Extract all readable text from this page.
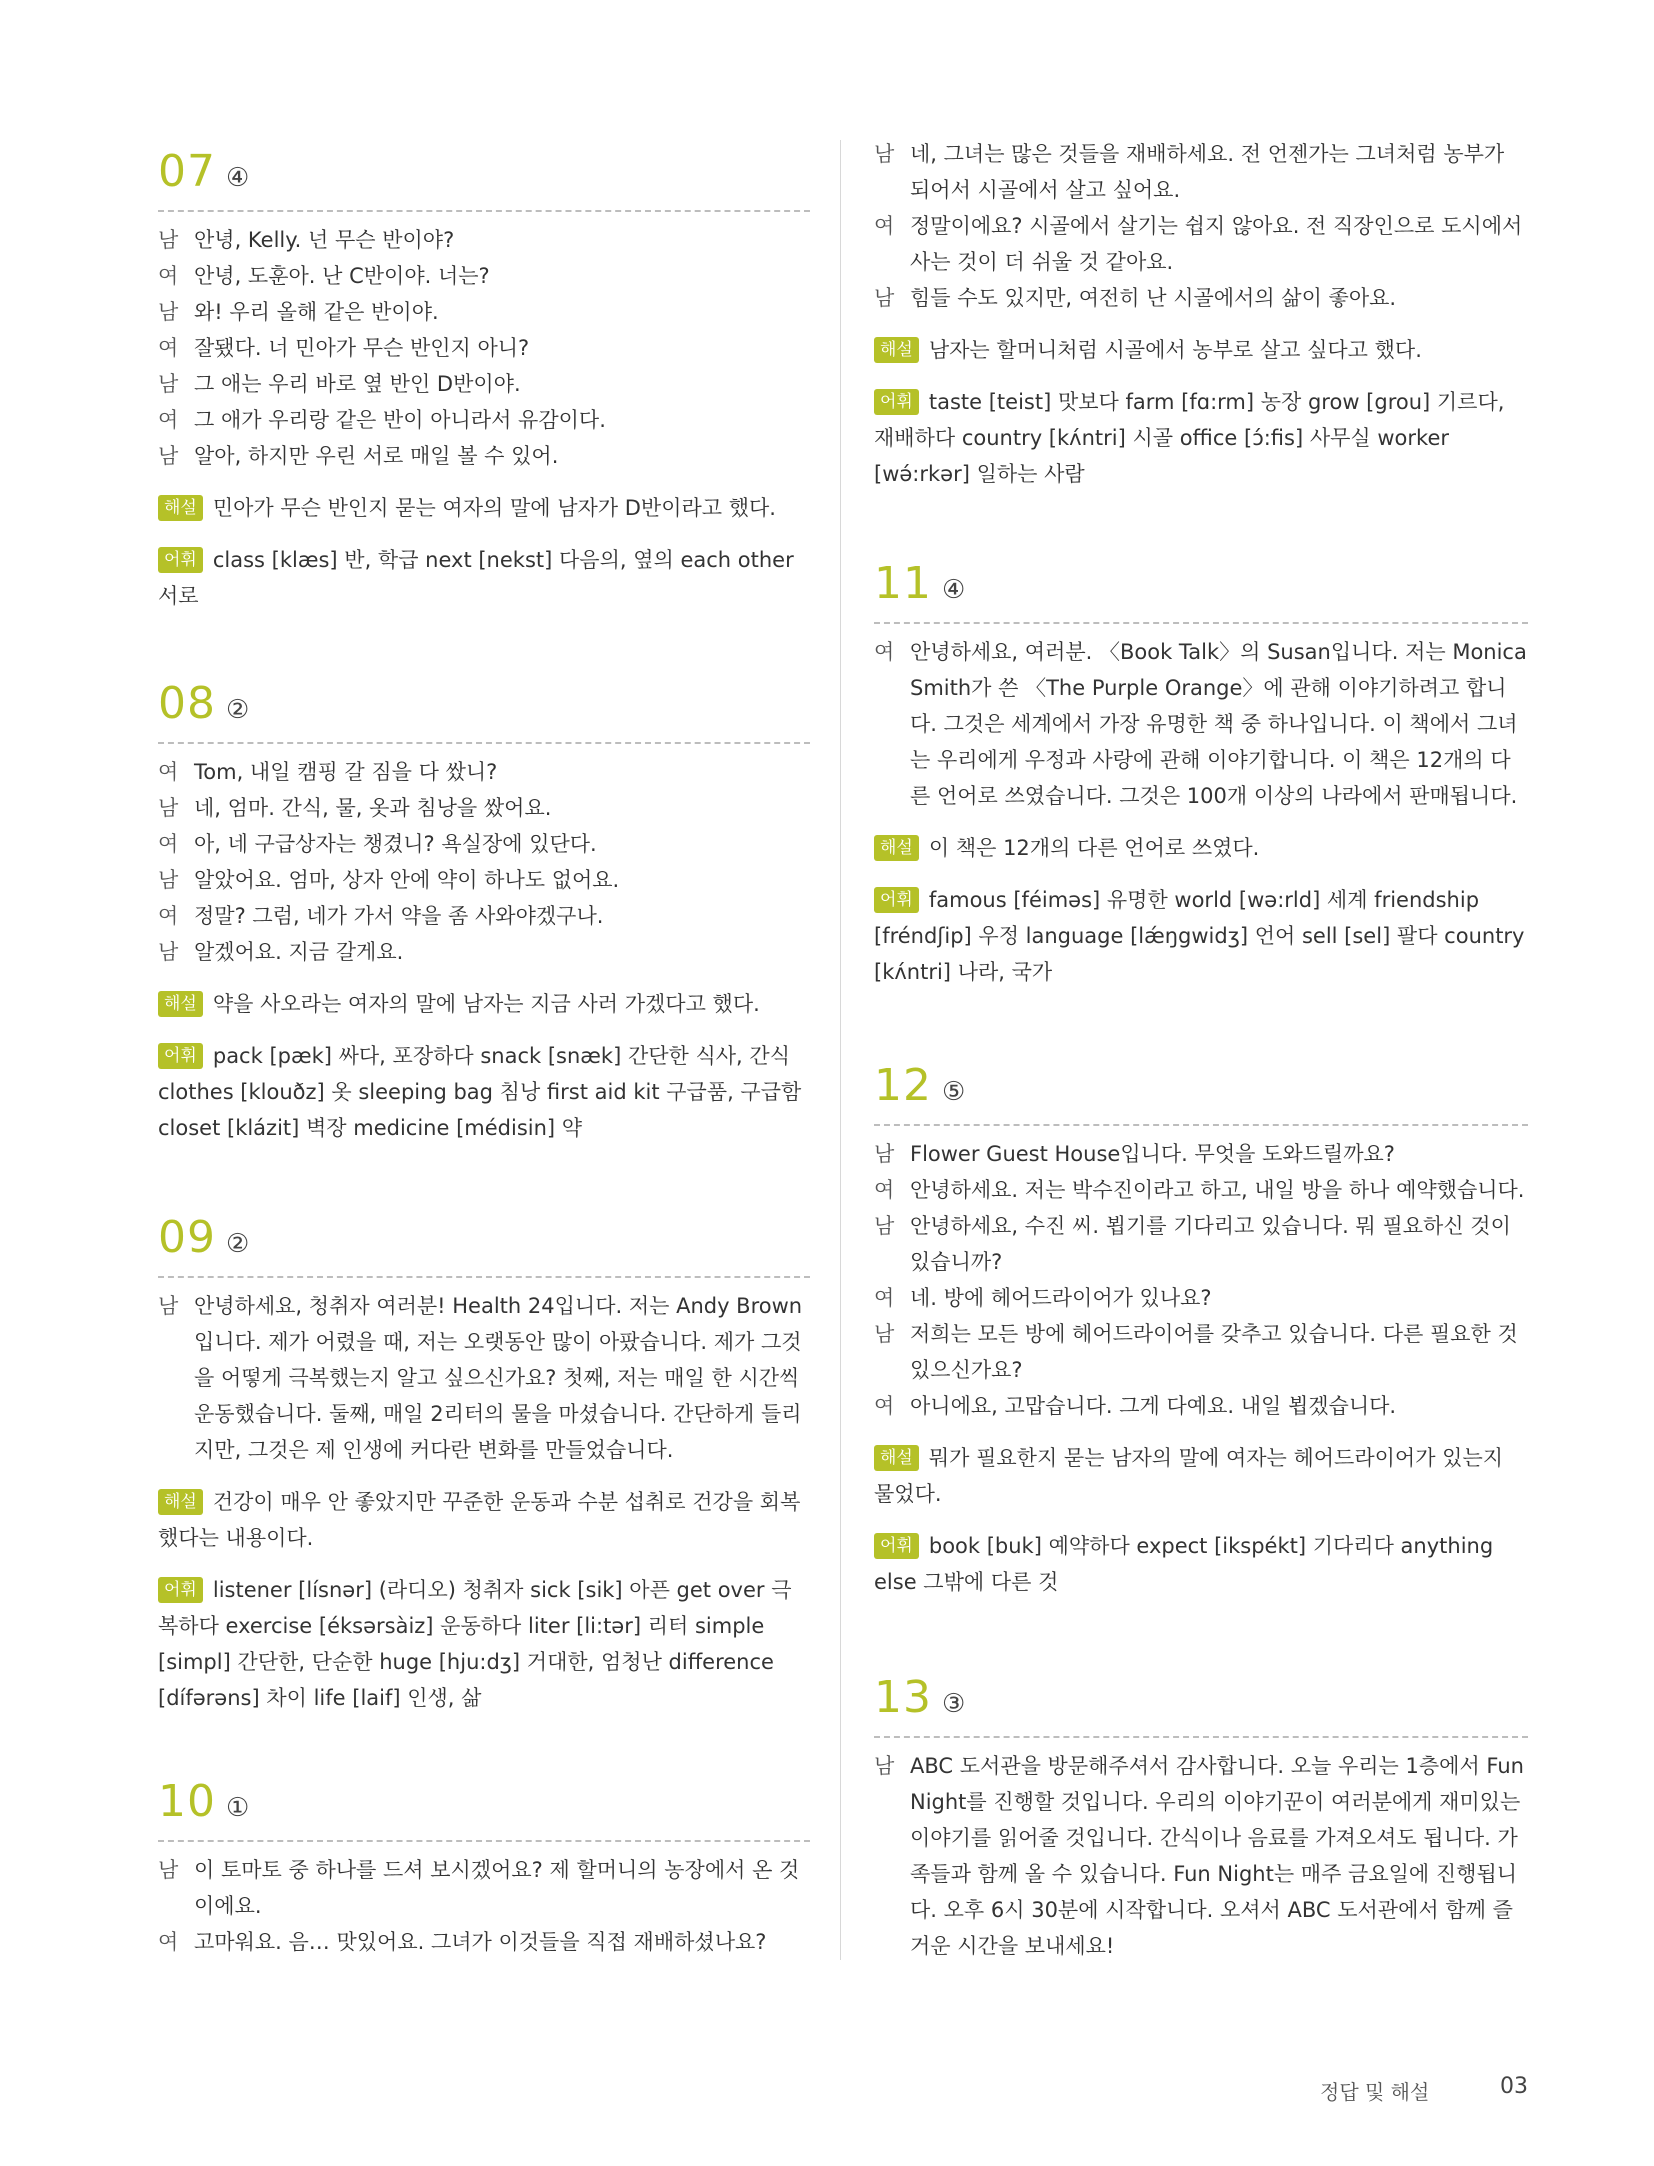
07 ④
남 안녕, Kelly. 넌 무슨 반이야?
여 안녕, 도훈아. 난 C반이야. 너는?
남 와! 우리 올해 같은 반이야.
여 잘됐다. 너 민아가 무슨 반인지 아니?
남 그 애는 우리 바로 옆 반인 D반이야.
여 그 애가 우리랑 같은 반이 아니라서 유감이다.
남 알아, 하지만 우린 서로 매일 볼 수 있어.
해설 민아가 무슨 반인지 묻는 여자의 말에 남자가 D반이라고 했다.
어휘 class [klæs] 반, 학급 next [nekst] 다음의, 옆의 each other 서로
08 ②
여 Tom, 내일 캠핑 갈 짐을 다 쌌니?
남 네, 엄마. 간식, 물, 옷과 침낭을 쌌어요.
여 아, 네 구급상자는 챙겼니? 욕실장에 있단다.
남 알았어요. 엄마, 상자 안에 약이 하나도 없어요.
여 정말? 그럼, 네가 가서 약을 좀 사와야겠구나.
남 알겠어요. 지금 갈게요.
해설 약을 사오라는 여자의 말에 남자는 지금 사러 가겠다고 했다.
어휘 pack [pæk] 싸다, 포장하다 snack [snæk] 간단한 식사, 간식 clothes [klouðz] 옷 sleeping bag 침낭 first aid kit 구급품, 구급함 closet [klázit] 벽장 medicine [médisin] 약
09 ②
남 안녕하세요, 청취자 여러분! Health 24입니다. 저는 Andy Brown입니다. 제가 어렸을 때, 저는 오랫동안 많이 아팠습니다. 제가 그것을 어떻게 극복했는지 알고 싶으신가요? 첫째, 저는 매일 한 시간씩 운동했습니다. 둘째, 매일 2리터의 물을 마셨습니다. 간단하게 들리지만, 그것은 제 인생에 커다란 변화를 만들었습니다.
해설 건강이 매우 안 좋았지만 꾸준한 운동과 수분 섭취로 건강을 회복했다는 내용이다.
어휘 listener [lísnər] (라디오) 청취자 sick [sik] 아픈 get over 극복하다 exercise [éksərsàiz] 운동하다 liter [li:tər] 리터 simple [simpl] 간단한, 단순한 huge [hju:dʒ] 거대한, 엄청난 difference [dífərəns] 차이 life [laif] 인생, 삶
10 ①
남 이 토마토 중 하나를 드셔 보시겠어요? 제 할머니의 농장에서 온 것이에요.
여 고마워요. 음… 맛있어요. 그녀가 이것들을 직접 재배하셨나요?
남 네, 그녀는 많은 것들을 재배하세요. 전 언젠가는 그녀처럼 농부가 되어서 시골에서 살고 싶어요.
여 정말이에요? 시골에서 살기는 쉽지 않아요. 전 직장인으로 도시에서 사는 것이 더 쉬울 것 같아요.
남 힘들 수도 있지만, 여전히 난 시골에서의 삶이 좋아요.
해설 남자는 할머니처럼 시골에서 농부로 살고 싶다고 했다.
어휘 taste [teist] 맛보다 farm [fɑ:rm] 농장 grow [grou] 기르다, 재배하다 country [kʌ́ntri] 시골 office [ɔ́:fis] 사무실 worker [wə́:rkər] 일하는 사람
11 ④
여 안녕하세요, 여러분. 〈Book Talk〉의 Susan입니다. 저는 Monica Smith가 쓴 〈The Purple Orange〉에 관해 이야기하려고 합니다. 그것은 세계에서 가장 유명한 책 중 하나입니다. 이 책에서 그녀는 우리에게 우정과 사랑에 관해 이야기합니다. 이 책은 12개의 다른 언어로 쓰였습니다. 그것은 100개 이상의 나라에서 판매됩니다.
해설 이 책은 12개의 다른 언어로 쓰였다.
어휘 famous [féiməs] 유명한 world [wə:rld] 세계 friendship [fréndʃip] 우정 language [lǽŋgwidʒ] 언어 sell [sel] 팔다 country [kʌ́ntri] 나라, 국가
12 ⑤
남 Flower Guest House입니다. 무엇을 도와드릴까요?
여 안녕하세요. 저는 박수진이라고 하고, 내일 방을 하나 예약했습니다.
남 안녕하세요, 수진 씨. 뵙기를 기다리고 있습니다. 뭐 필요하신 것이 있습니까?
여 네. 방에 헤어드라이어가 있나요?
남 저희는 모든 방에 헤어드라이어를 갖추고 있습니다. 다른 필요한 것 있으신가요?
여 아니에요, 고맙습니다. 그게 다예요. 내일 뵙겠습니다.
해설 뭐가 필요한지 묻는 남자의 말에 여자는 헤어드라이어가 있는지 물었다.
어휘 book [buk] 예약하다 expect [ikspékt] 기다리다 anything else 그밖에 다른 것
13 ③
남 ABC 도서관을 방문해주셔서 감사합니다. 오늘 우리는 1층에서 Fun Night를 진행할 것입니다. 우리의 이야기꾼이 여러분에게 재미있는 이야기를 읽어줄 것입니다. 간식이나 음료를 가져오셔도 됩니다. 가족들과 함께 올 수 있습니다. Fun Night는 매주 금요일에 진행됩니다. 오후 6시 30분에 시작합니다. 오셔서 ABC 도서관에서 함께 즐거운 시간을 보내세요!
정답 및 해설	03
